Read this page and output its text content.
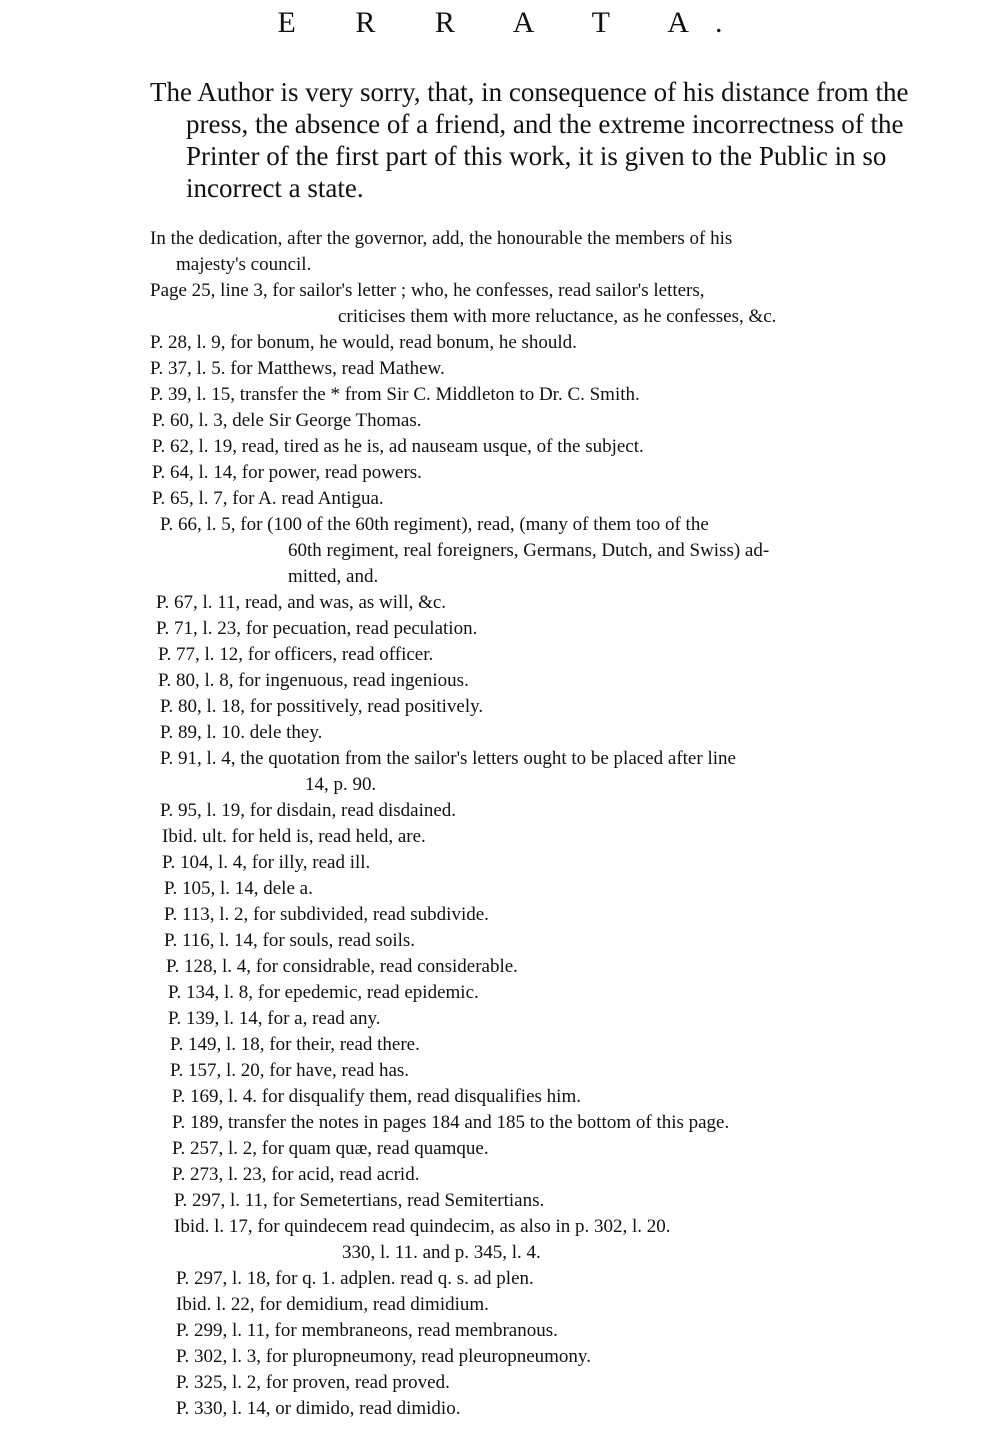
E R R A T A.

The Author is very sorry, that, in consequence of his distance from the press, the absence of a friend, and the extreme incorrectness of the Printer of the first part of this work, it is given to the Public in so incorrect a state.

In the dedication, after the governor, add, the honourable the members of his
majesty's council.
Page 25, line 3, for sailor's letter ; who, he confesses, read sailor's letters,
criticises them with more reluctance, as he confesses, &c.
P. 28, l. 9, for bonum, he would, read bonum, he should.
P. 37, l. 5. for Matthews, read Mathew.
P. 39, l. 15, transfer the * from Sir C. Middleton to Dr. C. Smith.
P. 60, l. 3, dele Sir George Thomas.
P. 62, l. 19, read, tired as he is, ad nauseam usque, of the subject.
P. 64, l. 14, for power, read powers.
P. 65, l. 7, for A. read Antigua.
P. 66, l. 5, for (100 of the 60th regiment), read, (many of them too of the
60th regiment, real foreigners, Germans, Dutch, and Swiss) ad-
mitted, and.
P. 67, l. 11, read, and was, as will, &c.
P. 71, l. 23, for pecuation, read peculation.
P. 77, l. 12, for officers, read officer.
P. 80, l. 8, for ingenuous, read ingenious.
P. 80, l. 18, for possitively, read positively.
P. 89, l. 10. dele they.
P. 91, l. 4, the quotation from the sailor's letters ought to be placed after line
14, p. 90.
P. 95, l. 19, for disdain, read disdained.
Ibid. ult. for held is, read held, are.
P. 104, l. 4, for illy, read ill.
P. 105, l. 14, dele a.
P. 113, l. 2, for subdivided, read subdivide.
P. 116, l. 14, for souls, read soils.
P. 128, l. 4, for considrable, read considerable.
P. 134, l. 8, for epedemic, read epidemic.
P. 139, l. 14, for a, read any.
P. 149, l. 18, for their, read there.
P. 157, l. 20, for have, read has.
P. 169, l. 4. for disqualify them, read disqualifies him.
P. 189, transfer the notes in pages 184 and 185 to the bottom of this page.
P. 257, l. 2, for quam quæ, read quamque.
P. 273, l. 23, for acid, read acrid.
P. 297, l. 11, for Semetertians, read Semitertians.
Ibid. l. 17, for quindecem read quindecim, as also in p. 302, l. 20.
330, l. 11. and p. 345, l. 4.
P. 297, l. 18, for q. 1. adplen. read q. s. ad plen.
Ibid. l. 22, for demidium, read dimidium.
P. 299, l. 11, for membraneons, read membranous.
P. 302, l. 3, for pluropneumony, read pleuropneumony.
P. 325, l. 2, for proven, read proved.
P. 330, l. 14, or dimido, read dimidio.
